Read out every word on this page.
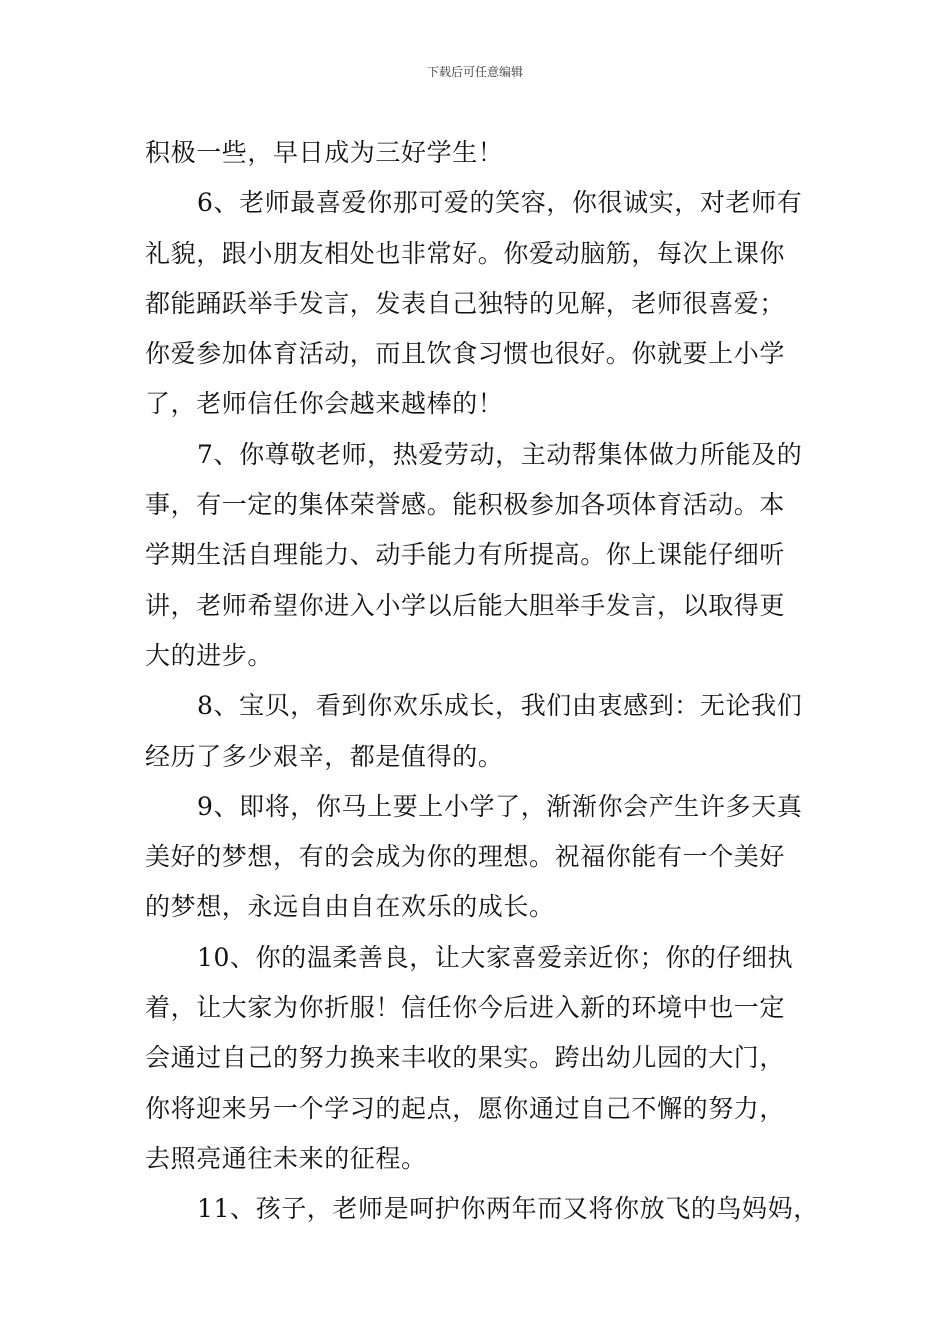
下载后可任意编辑
积极一些，早日成为三好学生！
6、老师最喜爱你那可爱的笑容，你很诚实，对老师有
礼貌，跟小朋友相处也非常好。你爱动脑筋，每次上课你
都能踊跃举手发言，发表自己独特的见解，老师很喜爱；
你爱参加体育活动，而且饮食习惯也很好。你就要上小学
了，老师信任你会越来越棒的！
7、你尊敬老师，热爱劳动，主动帮集体做力所能及的
事，有一定的集体荣誉感。能积极参加各项体育活动。本
学期生活自理能力、动手能力有所提高。你上课能仔细听
讲，老师希望你进入小学以后能大胆举手发言，以取得更
大的进步。
8、宝贝，看到你欢乐成长，我们由衷感到：无论我们
经历了多少艰辛，都是值得的。
9、即将，你马上要上小学了，渐渐你会产生许多天真
美好的梦想，有的会成为你的理想。祝福你能有一个美好
的梦想，永远自由自在欢乐的成长。
10、你的温柔善良，让大家喜爱亲近你；你的仔细执
着，让大家为你折服！信任你今后进入新的环境中也一定
会通过自己的努力换来丰收的果实。跨出幼儿园的大门，
你将迎来另一个学习的起点，愿你通过自己不懈的努力，
去照亮通往未来的征程。
11、孩子，老师是呵护你两年而又将你放飞的鸟妈妈，
